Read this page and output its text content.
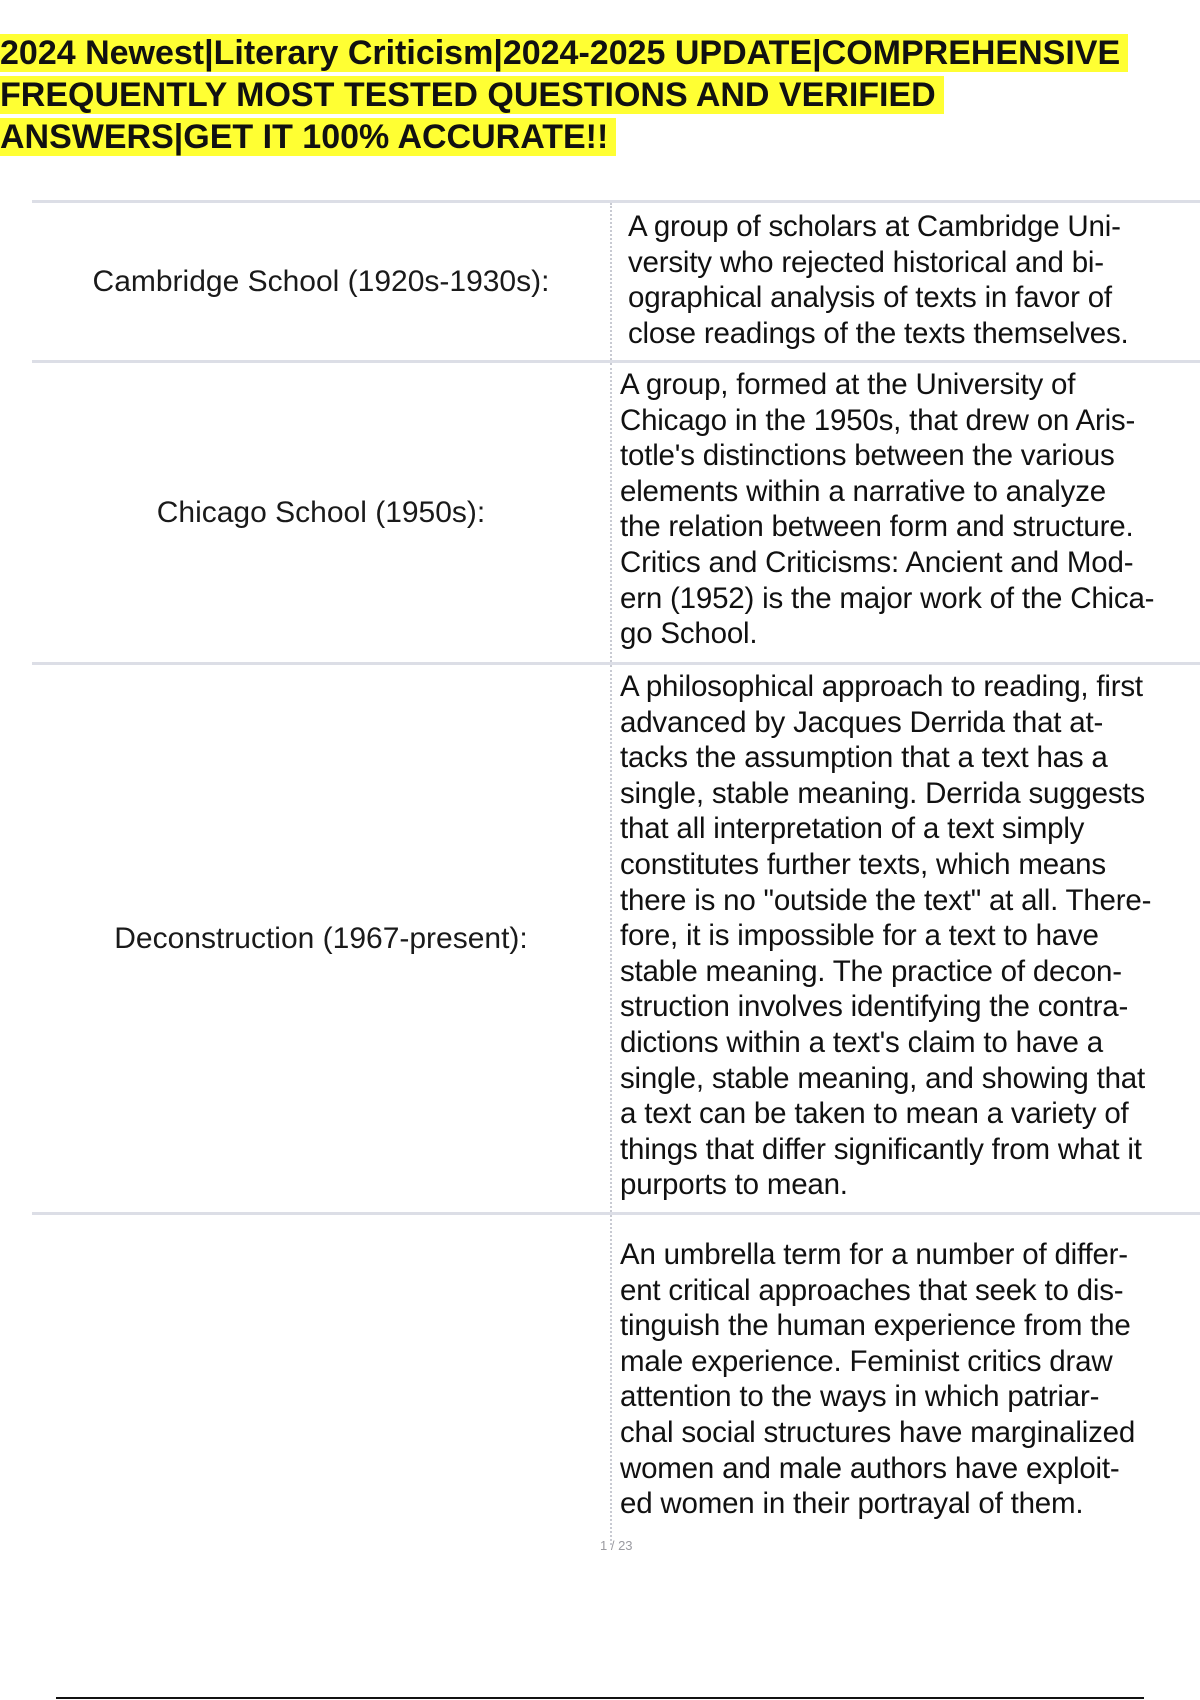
2024 Newest|Literary Criticism|2024-2025 UPDATE|COMPREHENSIVE
FREQUENTLY MOST TESTED QUESTIONS AND VERIFIED
ANSWERS|GET IT 100% ACCURATE!!
Cambridge School (1920s-1930s):
A group of scholars at Cambridge Uni-
versity who rejected historical and bi-
ographical analysis of texts in favor of
close readings of the texts themselves.
Chicago School (1950s):
A group, formed at the University of
Chicago in the 1950s, that drew on Aris-
totle's distinctions between the various
elements within a narrative to analyze
the relation between form and structure.
Critics and Criticisms: Ancient and Mod-
ern (1952) is the major work of the Chica-
go School.
Deconstruction (1967-present):
A philosophical approach to reading, first
advanced by Jacques Derrida that at-
tacks the assumption that a text has a
single, stable meaning. Derrida suggests
that all interpretation of a text simply
constitutes further texts, which means
there is no "outside the text" at all. There-
fore, it is impossible for a text to have
stable meaning. The practice of decon-
struction involves identifying the contra-
dictions within a text's claim to have a
single, stable meaning, and showing that
a text can be taken to mean a variety of
things that differ significantly from what it
purports to mean.
An umbrella term for a number of differ-
ent critical approaches that seek to dis-
tinguish the human experience from the
male experience. Feminist critics draw
attention to the ways in which patriar-
chal social structures have marginalized
women and male authors have exploit-
ed women in their portrayal of them.
1 / 23
